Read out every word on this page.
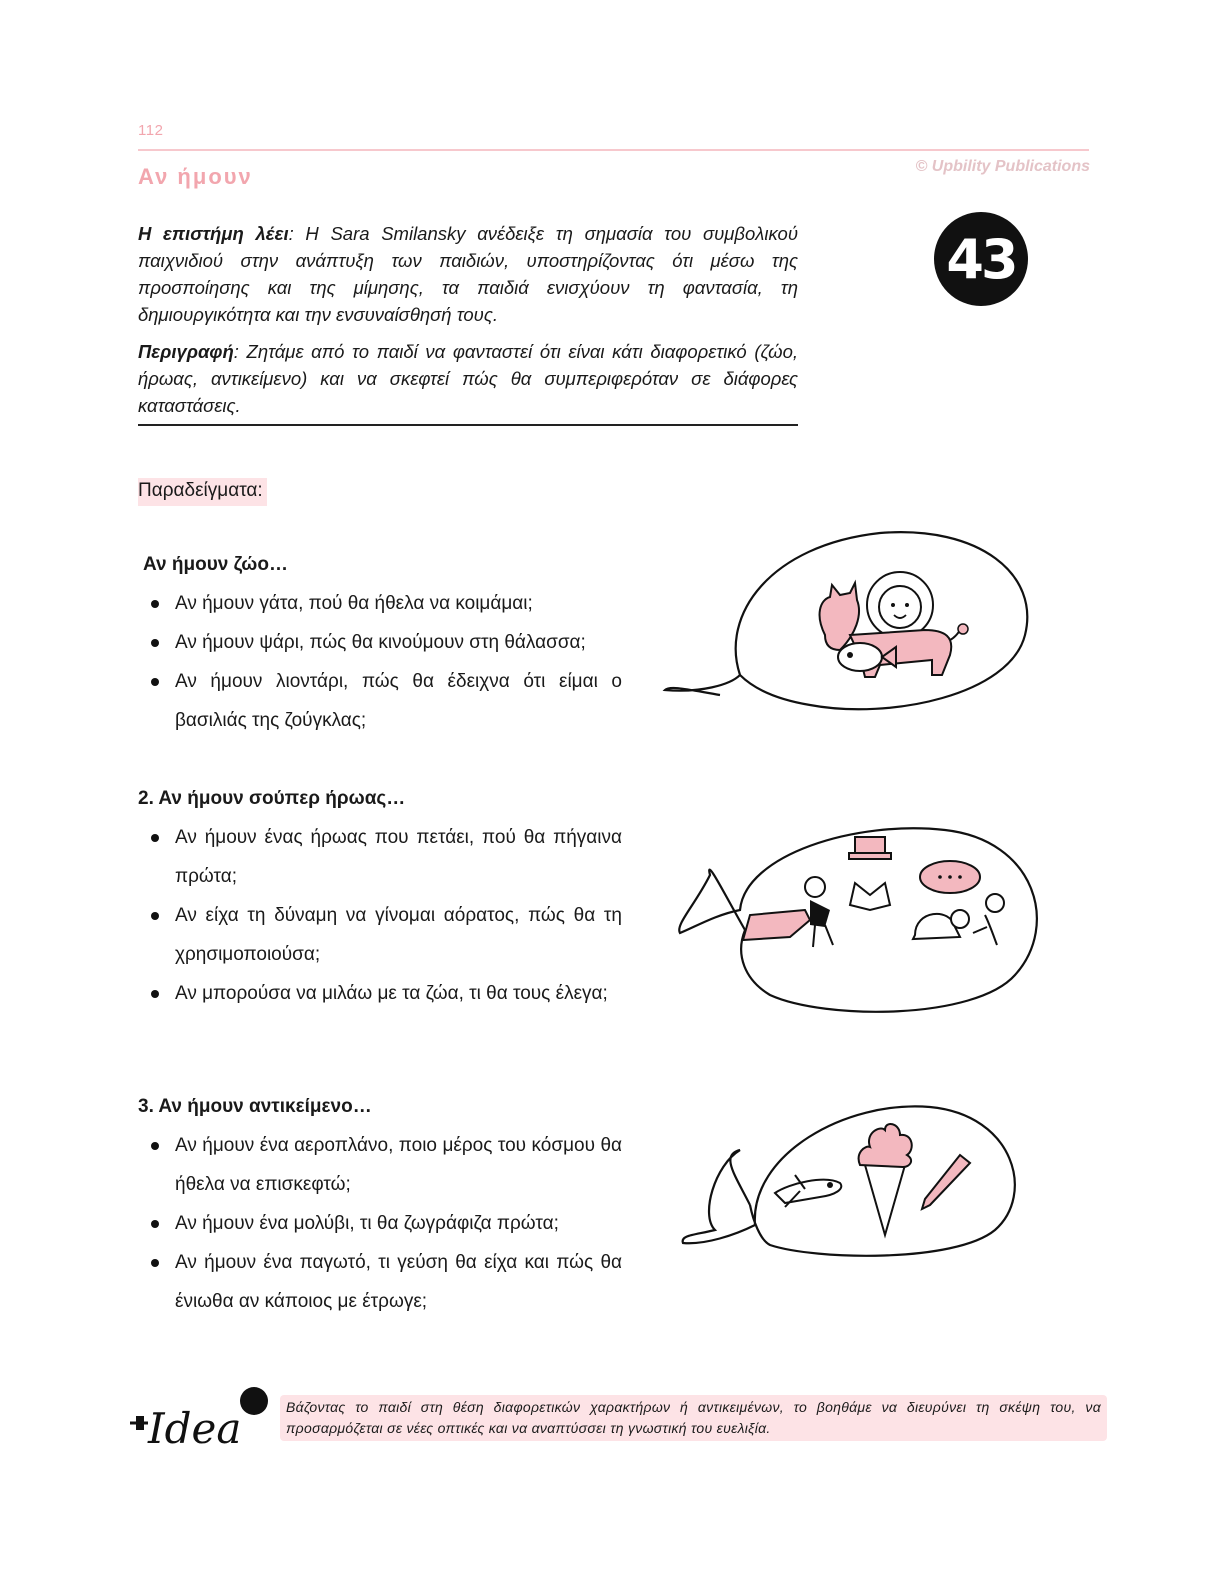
112
© Upbility Publications
Αν ήμουν

Η επιστήμη λέει: Η Sara Smilansky ανέδειξε τη σημασία του συμβολικού παιχνιδιού στην ανάπτυξη των παιδιών, υποστηρίζοντας ότι μέσω της προσποίησης και της μίμησης, τα παιδιά ενισχύουν τη φαντασία, τη δημιουργικότητα και την ενσυναίσθησή τους.

Περιγραφή: Ζητάμε από το παιδί να φανταστεί ότι είναι κάτι διαφορετικό (ζώο, ήρωας, αντικείμενο) και να σκεφτεί πώς θα συμπεριφερόταν σε διάφορες καταστάσεις.

43
Παραδείγματα:
Αν ήμουν ζώο…
Αν ήμουν γάτα, πού θα ήθελα να κοιμάμαι;
Αν ήμουν ψάρι, πώς θα κινούμουν στη θάλασσα;
Αν ήμουν λιοντάρι, πώς θα έδειχνα ότι είμαι ο βασιλιάς της ζούγκλας;
2. Αν ήμουν σούπερ ήρωας…
Αν ήμουν ένας ήρωας που πετάει, πού θα πήγαινα πρώτα;
Αν είχα τη δύναμη να γίνομαι αόρατος, πώς θα τη χρησιμοποιούσα;
Αν μπορούσα να μιλάω με τα ζώα, τι θα τους έλεγα;
3. Αν ήμουν αντικείμενο…
Αν ήμουν ένα αεροπλάνο, ποιο μέρος του κόσμου θα ήθελα να επισκεφτώ;
Αν ήμουν ένα μολύβι, τι θα ζωγράφιζα πρώτα;
Αν ήμουν ένα παγωτό, τι γεύση θα είχα και πώς θα ένιωθα αν κάποιος με έτρωγε;
Idea	Βάζοντας το παιδί στη θέση διαφορετικών χαρακτήρων ή αντικειμένων, το βοηθάμε να διευρύνει τη σκέψη του, να προσαρμόζεται σε νέες οπτικές και να αναπτύσσει τη γνωστική του ευελιξία.
